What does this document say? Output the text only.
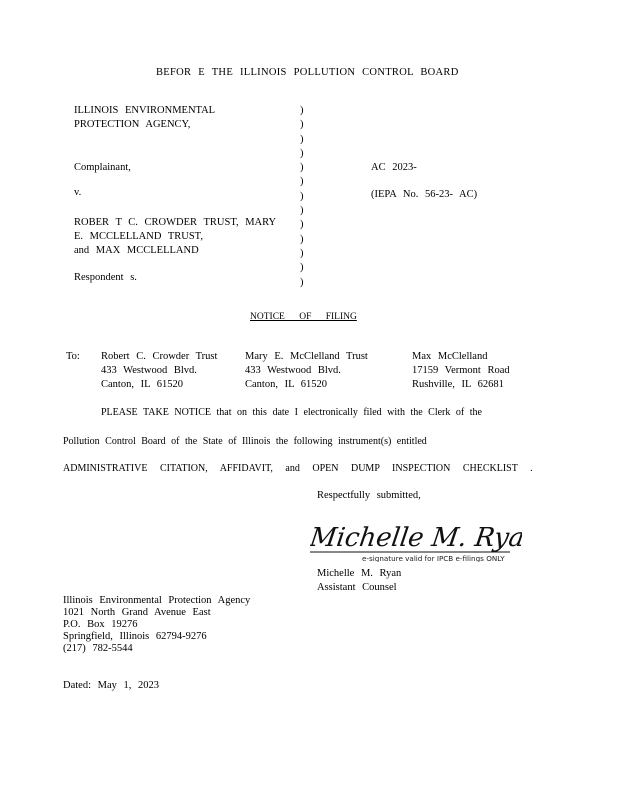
BEFOR E THE ILLINOIS POLLUTION CONTROL BOARD
ILLINOIS ENVIRONMENTAL
PROTECTION AGENCY,
Complainant,
v.
ROBER T C. CROWDER TRUST, MARY
E. MCCLELLAND TRUST,
and MAX MCCLELLAND
Respondent s.
)
)
)
)
)
)
)
)
)
)
)
)
)
AC 2023-
(IEPA No. 56-23- AC)
NOTICE OF FILING
To: Robert C. Crowder Trust
433 Westwood Blvd.
Canton, IL 61520
Mary E. McClelland Trust
433 Westwood Blvd.
Canton, IL 61520
Max McClelland
17159 Vermont Road
Rushville, IL 62681
PLEASE TAKE NOTICE that on this date I electronically filed with the Clerk of the
Pollution Control Board of the State of Illinois the following instrument(s) entitled
ADMINISTRATIVE CITATION, AFFIDAVIT, and OPEN DUMP INSPECTION CHECKLIST .
Respectfully submitted,
Michelle M. Ryan
e-signature valid for IPCB e-filings ONLY
Michelle M. Ryan
Assistant Counsel
Illinois Environmental Protection Agency
1021 North Grand Avenue East
P.O. Box 19276
Springfield, Illinois 62794-9276
(217) 782-5544
Dated: May 1, 2023
